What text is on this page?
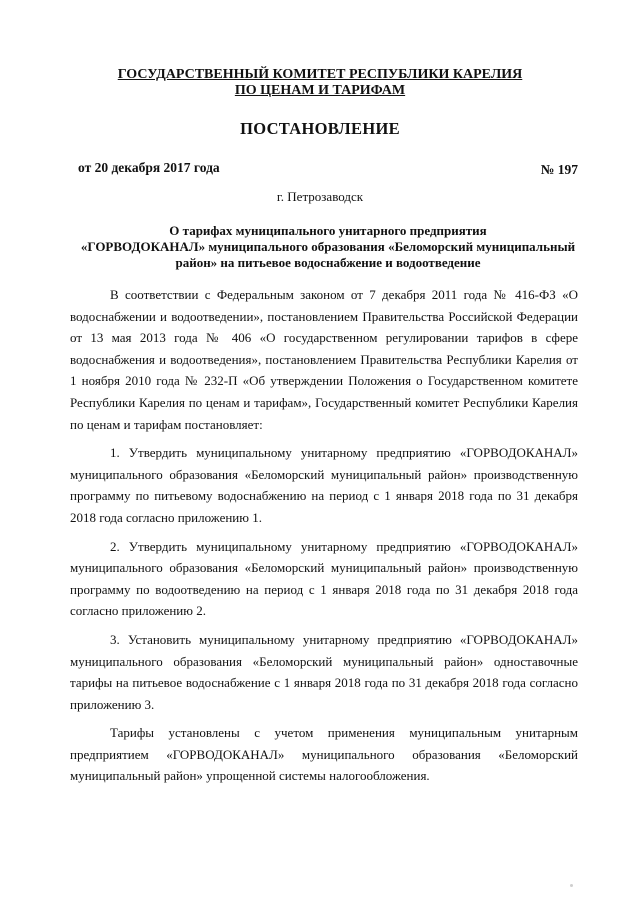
ГОСУДАРСТВЕННЫЙ КОМИТЕТ РЕСПУБЛИКИ КАРЕЛИЯ
ПО ЦЕНАМ И ТАРИФАМ
ПОСТАНОВЛЕНИЕ
от 20 декабря 2017 года	№ 197
г. Петрозаводск
О тарифах муниципального унитарного предприятия
«ГОРВОДОКАНАЛ» муниципального образования «Беломорский муниципальный
район» на питьевое водоснабжение и водоотведение

В соответствии с Федеральным законом от 7 декабря 2011 года № 416-ФЗ «О водоснабжении и водоотведении», постановлением Правительства Российской Федерации от 13 мая 2013 года № 406 «О государственном регулировании тарифов в сфере водоснабжения и водоотведения», постановлением Правительства Республики Карелия от 1 ноября 2010 года № 232-П «Об утверждении Положения о Государственном комитете Республики Карелия по ценам и тарифам», Государственный комитет Республики Карелия по ценам и тарифам постановляет:

1. Утвердить муниципальному унитарному предприятию «ГОРВОДОКАНАЛ» муниципального образования «Беломорский муниципальный район» производственную программу по питьевому водоснабжению на период с 1 января 2018 года по 31 декабря 2018 года согласно приложению 1.

2. Утвердить муниципальному унитарному предприятию «ГОРВОДОКАНАЛ» муниципального образования «Беломорский муниципальный район» производственную программу по водоотведению на период с 1 января 2018 года по 31 декабря 2018 года согласно приложению 2.

3. Установить муниципальному унитарному предприятию «ГОРВОДОКАНАЛ» муниципального образования «Беломорский муниципальный район» одноставочные тарифы на питьевое водоснабжение с 1 января 2018 года по 31 декабря 2018 года согласно приложению 3.

Тарифы установлены с учетом применения муниципальным унитарным предприятием «ГОРВОДОКАНАЛ» муниципального образования «Беломорский муниципальный район» упрощенной системы налогообложения.
